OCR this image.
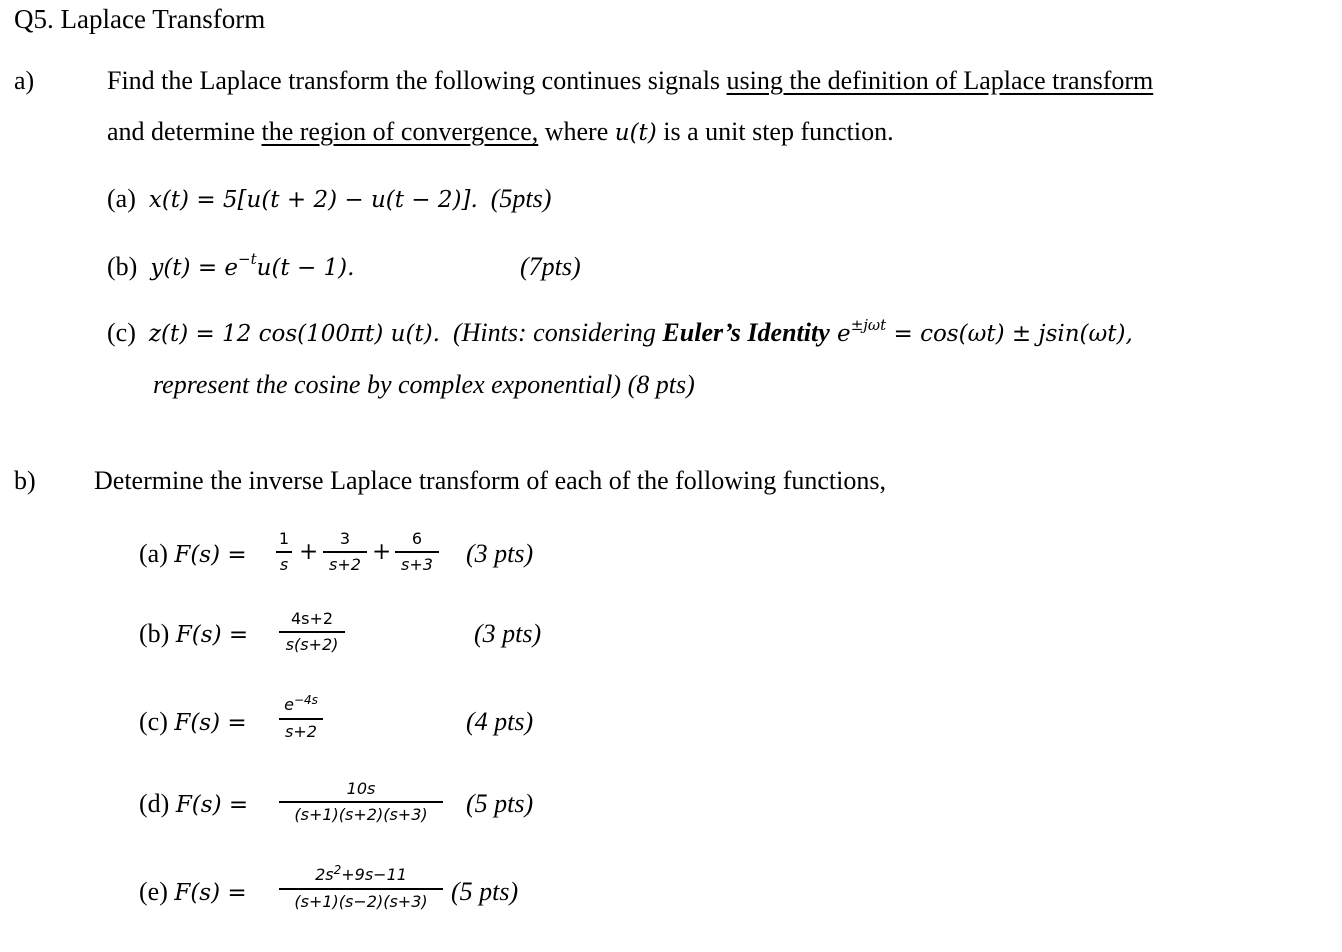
Q5. Laplace Transform
a)	Find the Laplace transform the following continues signals using the definition of Laplace transform
and determine the region of convergence, where u(t) is a unit step function.
(a) x(t) = 5[u(t + 2) − u(t − 2)]. (5pts)
(b) $y(t) = e^{-t}u(t - 1)$.	(7pts)
(c) z(t) = 12 cos(100πt) u(t). (Hints: considering Euler’s Identity $e^{\pm j\omega t} = \cos(\omega t) \pm jsin(\omega t)$,
represent the cosine by complex exponential) (8 pts)
b) Determine the inverse Laplace transform of each of the following functions,
(a) F(s) =
1
s +
3
s+2 +
6
s+3 (3 pts)
(b) F(s) =
4s+2
s(s+2)	(3 pts)
(c) F(s) =
$e^{-4s}$
s+2	(4 pts)
(d) F(s) =
10s
(s+1)(s+2)(s+3)	(5 pts)
(e) F(s) =
$2s^2+9s-11$
(s+1)(s−2)(s+3) (5 pts)
